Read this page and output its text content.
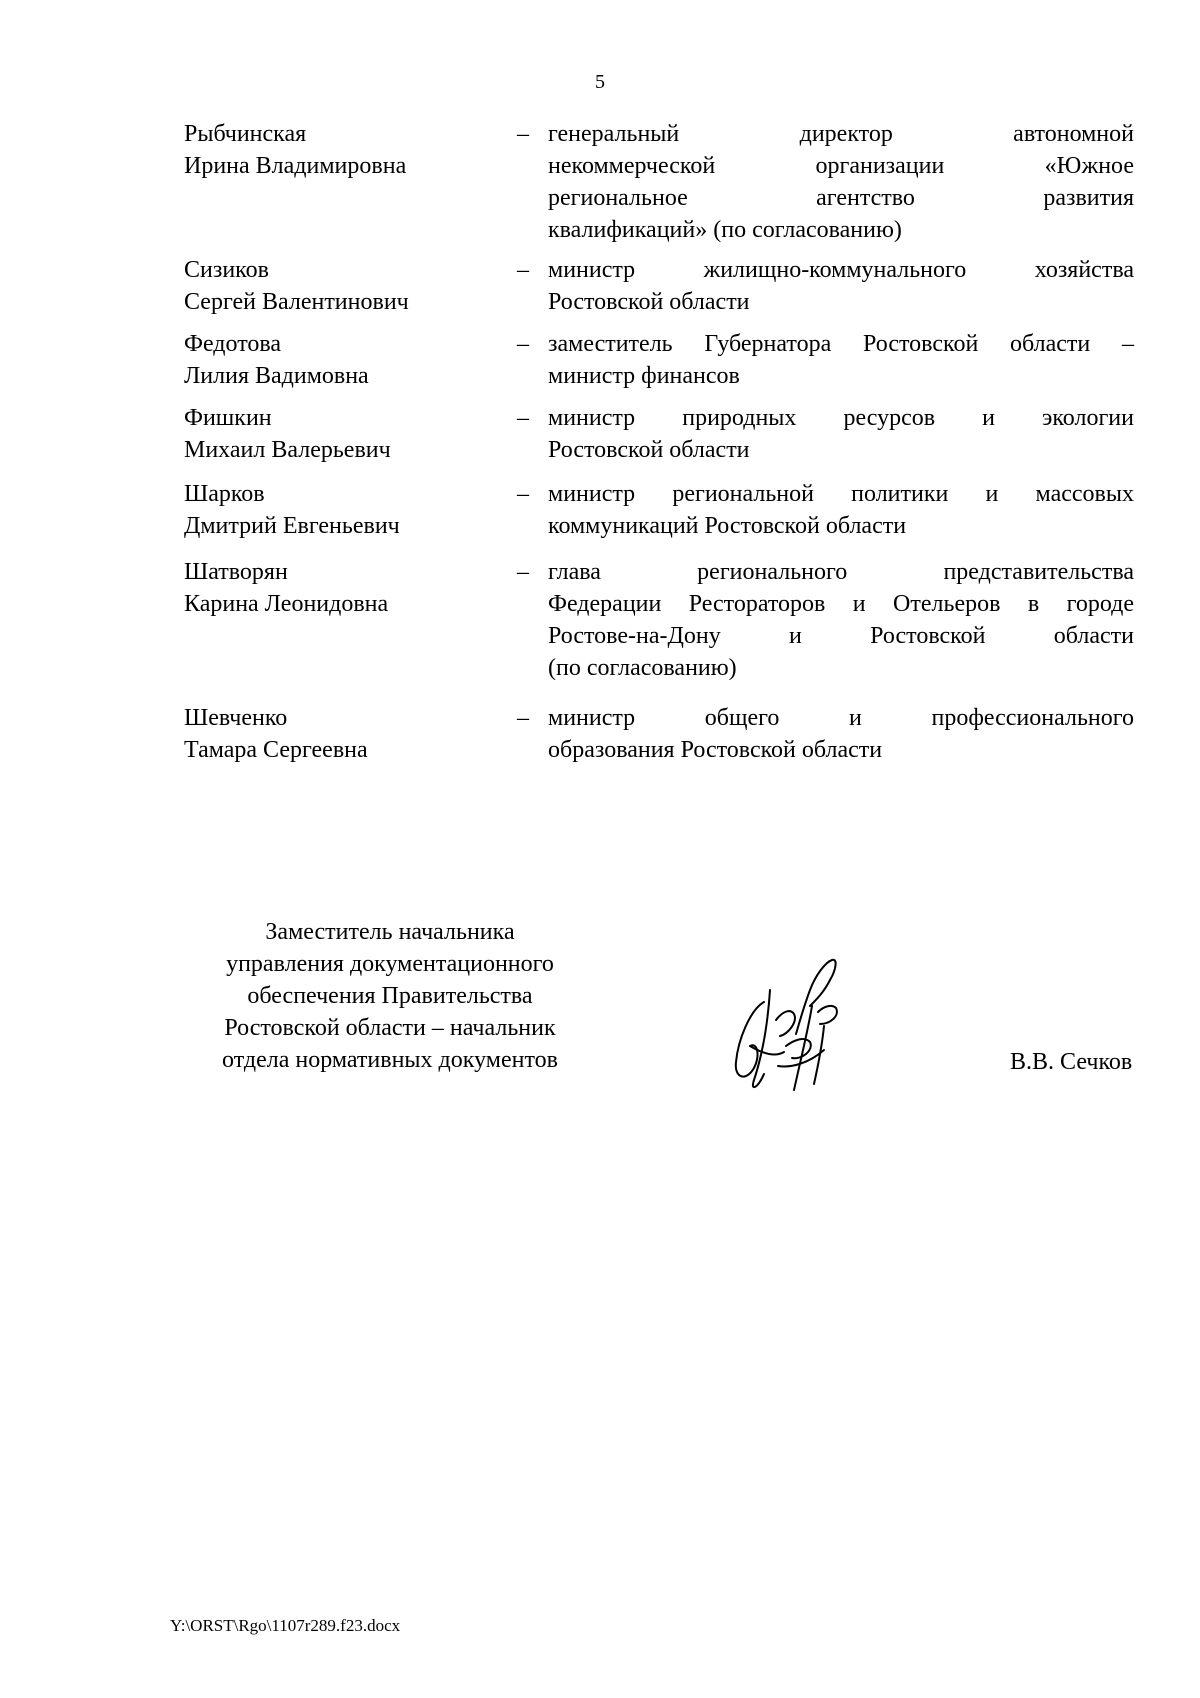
5
Рыбчинская
Ирина Владимировна
– генеральный директор автономной
некоммерческой организации «Южное
региональное агентство развития
квалификаций» (по согласованию)
Сизиков
Сергей Валентинович
– министр жилищно-коммунального хозяйства
Ростовской области
Федотова
Лилия Вадимовна
– заместитель Губернатора Ростовской области –
министр финансов
Фишкин
Михаил Валерьевич
– министр природных ресурсов и экологии
Ростовской области
Шарков
Дмитрий Евгеньевич
– министр региональной политики и массовых
коммуникаций Ростовской области
Шатворян
Карина Леонидовна
– глава регионального представительства
Федерации Рестораторов и Отельеров в городе
Ростове-на-Дону и Ростовской области
(по согласованию)
Шевченко
Тамара Сергеевна
– министр общего и профессионального
образования Ростовской области
Заместитель начальника
управления документационного
обеспечения Правительства
Ростовской области – начальник
отдела нормативных документов	В.В. Сечков
Y:\ORST\Rgo\1107r289.f23.docx
